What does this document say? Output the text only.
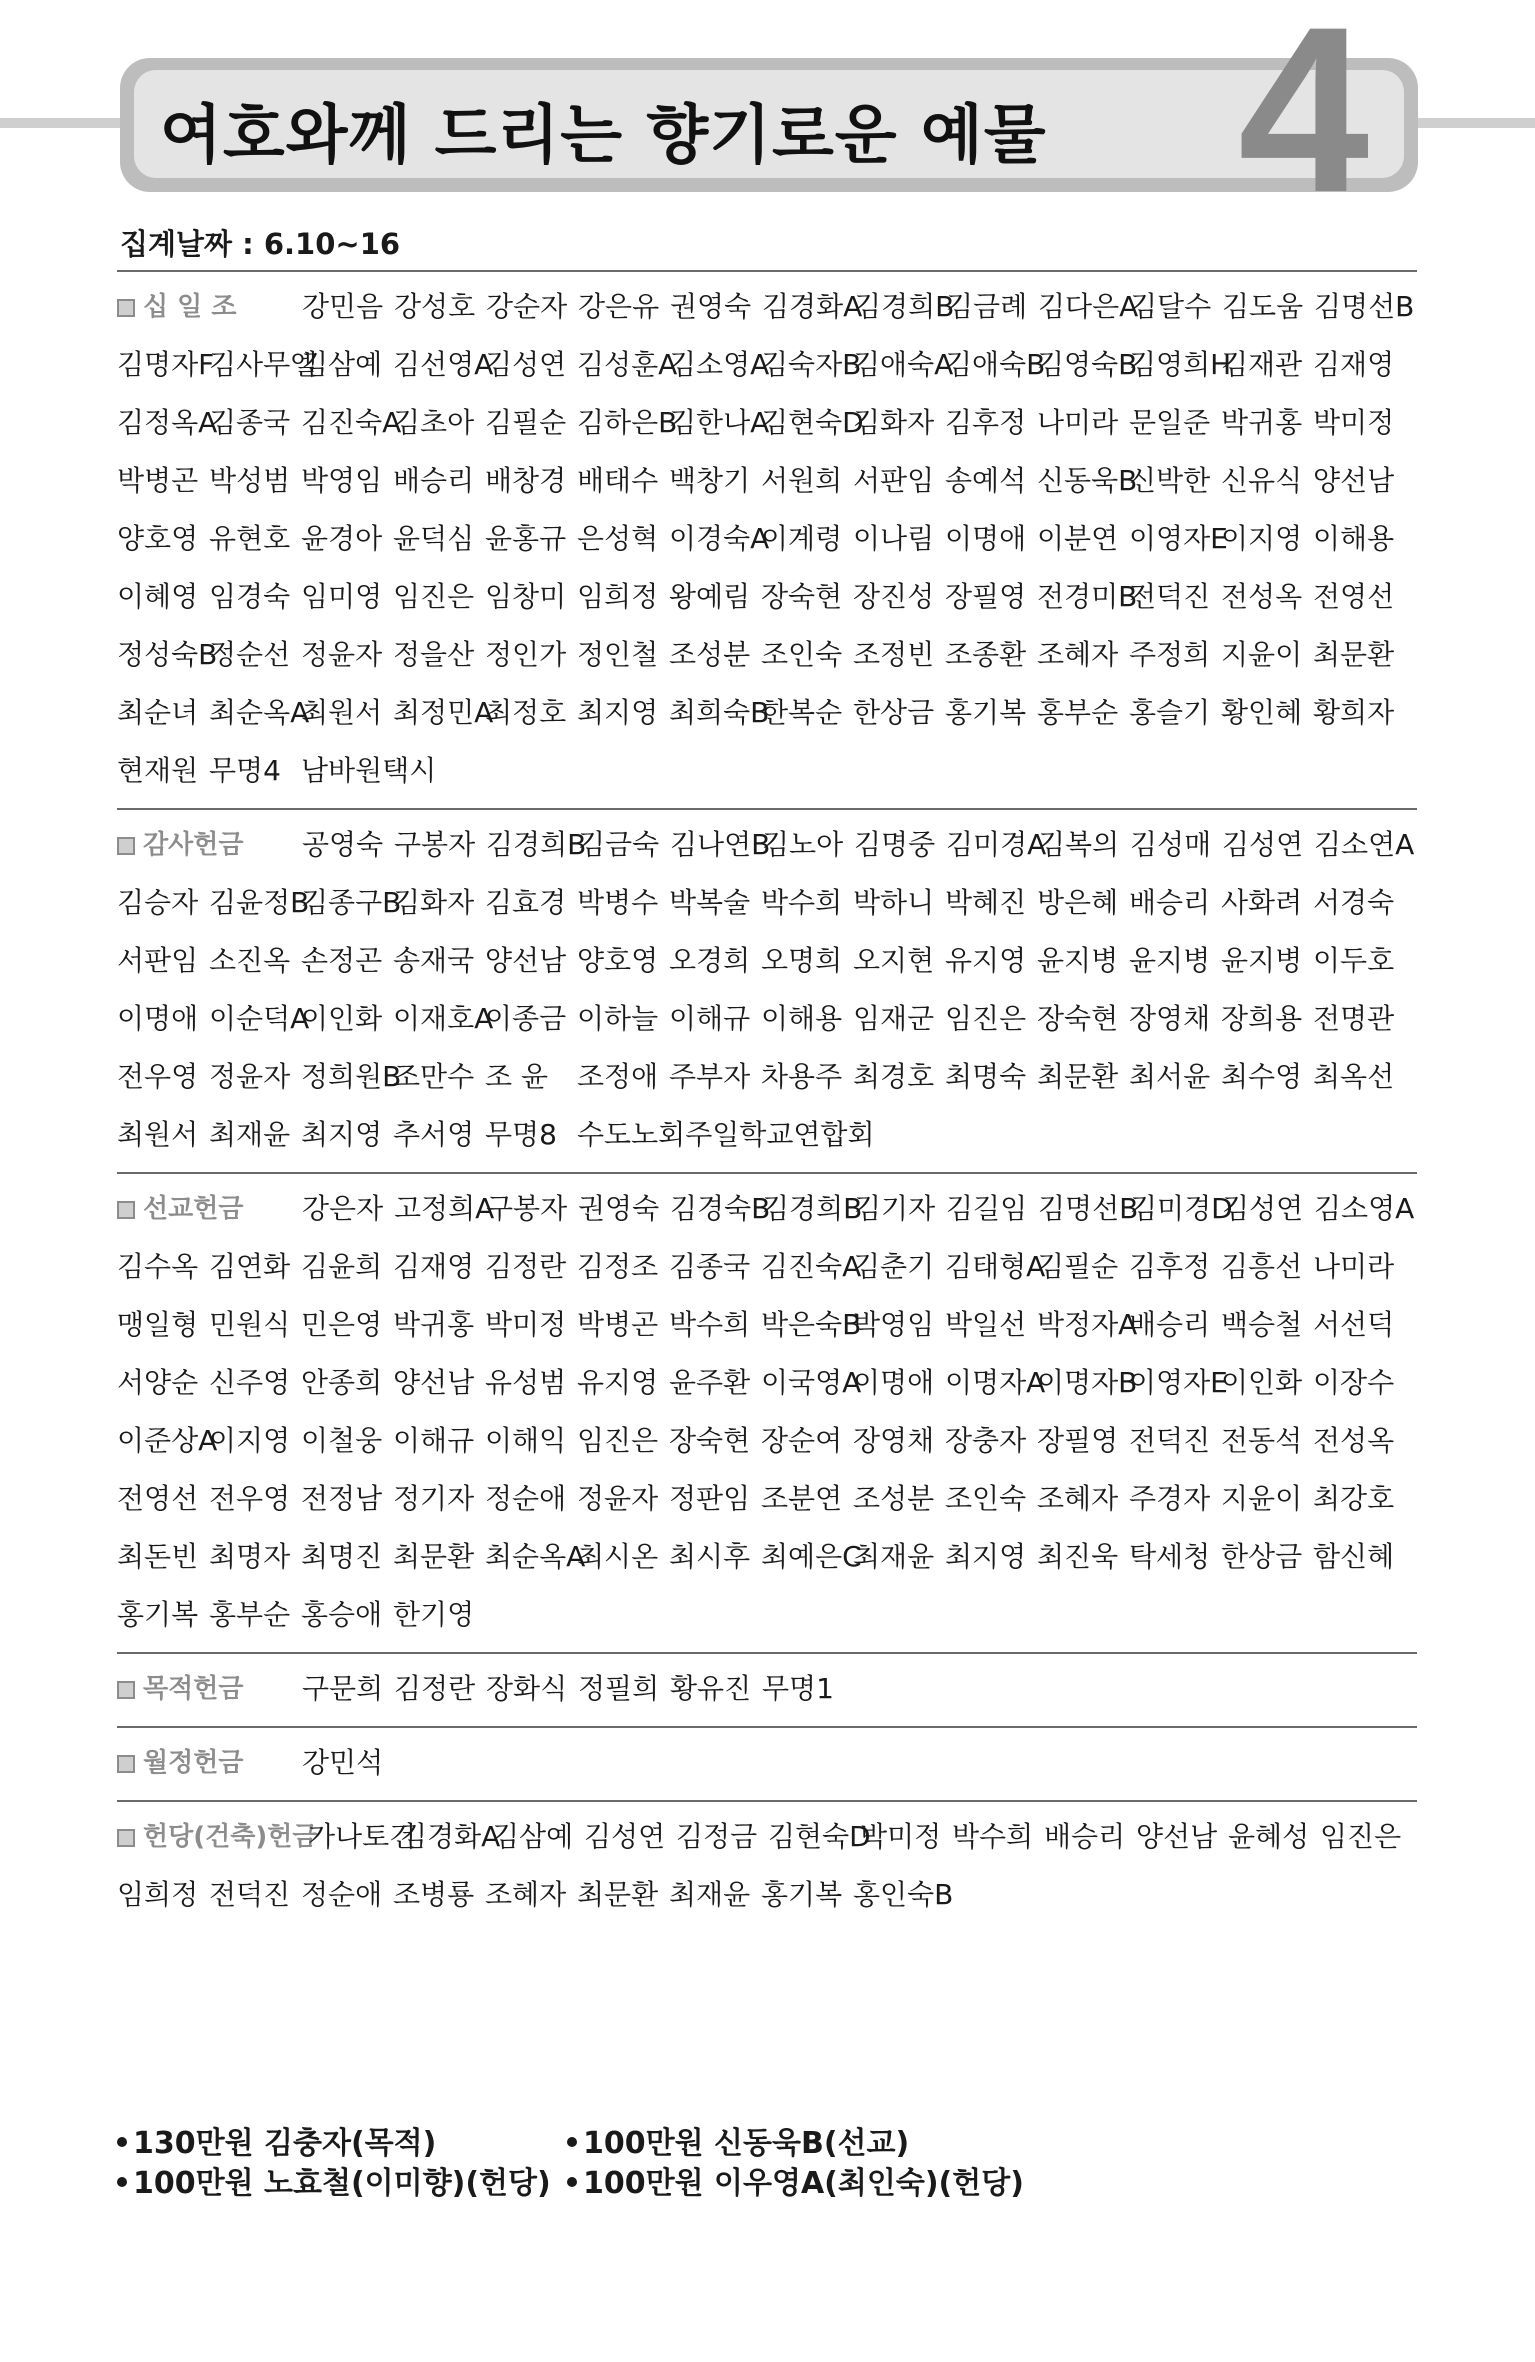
여호와께 드리는 향기로운 예물 4
집계날짜 : 6.10~16
십 일 조 강민음 강성호 강순자 강은유 권영숙 김경화A김경희B김금례 김다은A김달수 김도움 김명선B김명자F김사무엘김삼예 김선영A김성연 김성훈A김소영A김숙자B김애숙A김애숙B김영숙B김영희H김재관 김재영김정옥A김종국 김진숙A김초아 김필순 김하은B김한나A김현숙D김화자 김후정 나미라 문일준 박귀홍 박미정박병곤 박성범 박영임 배승리 배창경 배태수 백창기 서원희 서판임 송예석 신동욱B신박한 신유식 양선남양호영 유현호 윤경아 윤덕심 윤홍규 은성혁 이경숙A이계령 이나림 이명애 이분연 이영자E이지영 이해용이혜영 임경숙 임미영 임진은 임창미 임희정 왕예림 장숙현 장진성 장필영 전경미B전덕진 전성옥 전영선정성숙B정순선 정윤자 정을산 정인가 정인철 조성분 조인숙 조정빈 조종환 조혜자 주정희 지윤이 최문환최순녀 최순옥A최원서 최정민A최정호 최지영 최희숙B한복순 한상금 홍기복 홍부순 홍슬기 황인혜 황희자현재원 무명4 남바원택시
감사헌금 공영숙 구봉자 김경희B김금숙 김나연B김노아 김명중 김미경A김복의 김성매 김성연 김소연A김승자 김윤정B김종구B김화자 김효경 박병수 박복술 박수희 박하니 박혜진 방은혜 배승리 사화려 서경숙서판임 소진옥 손정곤 송재국 양선남 양호영 오경희 오명희 오지현 유지영 윤지병 윤지병 윤지병 이두호이명애 이순덕A이인화 이재호A이종금 이하늘 이해규 이해용 임재군 임진은 장숙현 장영채 장희용 전명관전우영 정윤자 정희원B조만수 조 윤 조정애 주부자 차용주 최경호 최명숙 최문환 최서윤 최수영 최옥선최원서 최재윤 최지영 추서영 무명8 수도노회주일학교연합회
선교헌금 강은자 고정희A구봉자 권영숙 김경숙B김경희B김기자 김길임 김명선B김미경D김성연 김소영A김수옥 김연화 김윤희 김재영 김정란 김정조 김종국 김진숙A김춘기 김태형A김필순 김후정 김흥선 나미라맹일형 민원식 민은영 박귀홍 박미정 박병곤 박수희 박은숙B박영임 박일선 박정자A배승리 백승철 서선덕서양순 신주영 안종희 양선남 유성범 유지영 윤주환 이국영A이명애 이명자A이명자B이영자E이인화 이장수이준상A이지영 이철웅 이해규 이해익 임진은 장숙현 장순여 장영채 장충자 장필영 전덕진 전동석 전성옥전영선 전우영 전정남 정기자 정순애 정윤자 정판임 조분연 조성분 조인숙 조혜자 주경자 지윤이 최강호최돈빈 최명자 최명진 최문환 최순옥A최시온 최시후 최예은C최재윤 최지영 최진욱 탁세청 한상금 함신혜홍기복 홍부순 홍승애 한기영
목적헌금 구문희 김정란 장화식 정필희 황유진 무명1
월정헌금 강민석
헌당(건축)헌금가나토건김경화A김삼예 김성연 김정금 김현숙D박미정 박수희 배승리 양선남 윤혜성 임진은임희정 전덕진 정순애 조병룡 조혜자 최문환 최재윤 홍기복 홍인숙B
130만원 김충자(목적)	100만원 신동욱B(선교)
100만원 노효철(이미향)(헌당)	100만원 이우영A(최인숙)(헌당)
